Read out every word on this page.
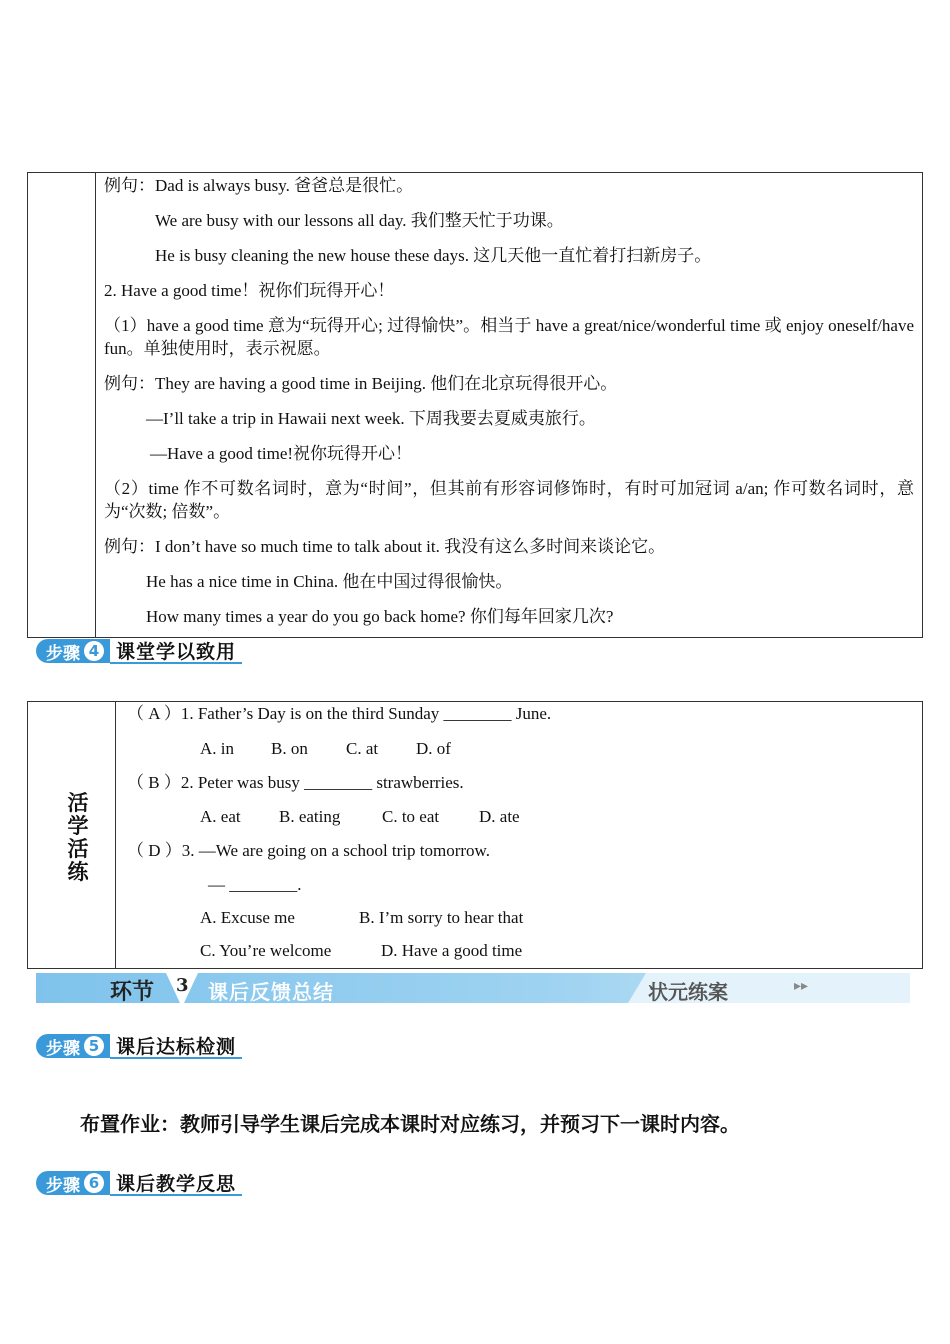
例句：Dad is always busy. 爸爸总是很忙。
We are busy with our lessons all day. 我们整天忙于功课。
He is busy cleaning the new house these days. 这几天他一直忙着打扫新房子。
2. Have a good time！祝你们玩得开心！
（1）have a good time 意为“玩得开心; 过得愉快”。相当于 have a great/nice/wonderful time 或 enjoy oneself/have fun。单独使用时，表示祝愿。
例句：They are having a good time in Beijing. 他们在北京玩得很开心。
—I’ll take a trip in Hawaii next week. 下周我要去夏威夷旅行。
—Have a good time!祝你玩得开心！
（2）time 作不可数名词时，意为“时间”，但其前有形容词修饰时，有时可加冠词 a/an; 作可数名词时，意为“次数; 倍数”。
例句：I don’t have so much time to talk about it. 我没有这么多时间来谈论它。
He has a nice time in China. 他在中国过得很愉快。
How many times a year do you go back home? 你们每年回家几次?
步骤 4 课堂学以致用
活
学
活
练
（ A ）1. Father’s Day is on the third Sunday ________ June.
A. in B. on C. at D. of
（ B ）2. Peter was busy ________ strawberries.
A. eat B. eating C. to eat D. ate
（ D ）3. —We are going on a school trip tomorrow.
— ________.
A. Excuse me	B. I’m sorry to hear that
C. You’re welcome	D. Have a good time
环节 3 课后反馈总结	状元练案	▸▸
步骤 5 课后达标检测
布置作业：教师引导学生课后完成本课时对应练习，并预习下一课时内容。
步骤 6 课后教学反思
